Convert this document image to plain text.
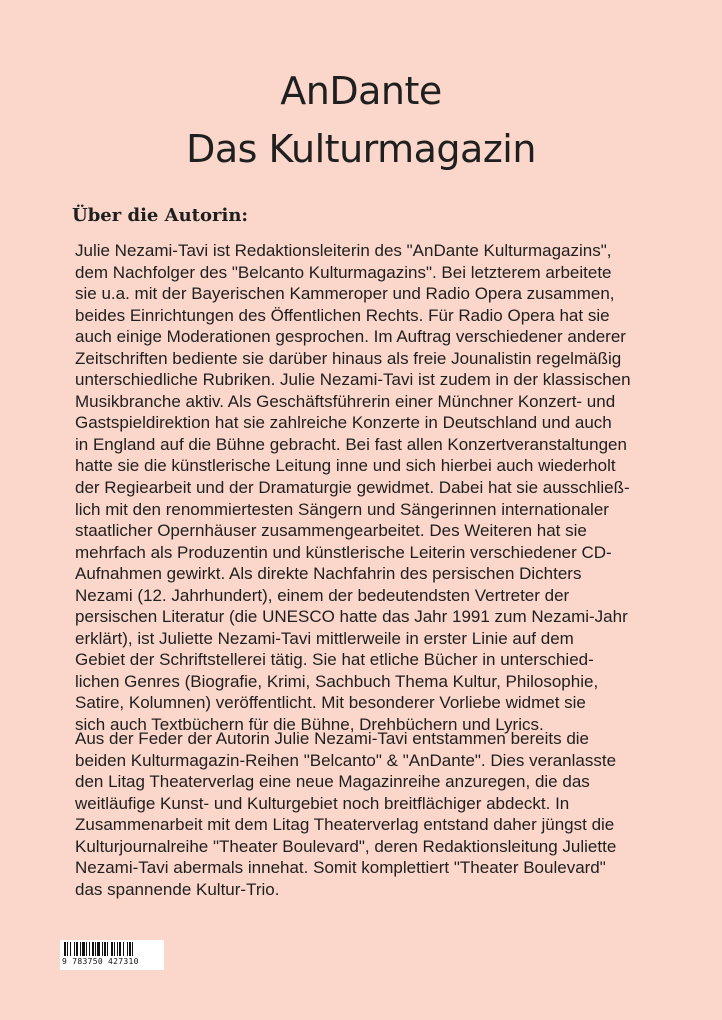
AnDante
Das Kulturmagazin
Über die Autorin:
Julie Nezami-Tavi ist Redaktionsleiterin des "AnDante Kulturmagazins",
dem Nachfolger des "Belcanto Kulturmagazins". Bei letzterem arbeitete
sie u.a. mit der Bayerischen Kammeroper und Radio Opera zusammen,
beides Einrichtungen des Öffentlichen Rechts. Für Radio Opera hat sie
auch einige Moderationen gesprochen. Im Auftrag verschiedener anderer
Zeitschriften bediente sie darüber hinaus als freie Jounalistin regelmäßig
unterschiedliche Rubriken. Julie Nezami-Tavi ist zudem in der klassischen
Musikbranche aktiv. Als Geschäftsführerin einer Münchner Konzert- und
Gastspieldirektion hat sie zahlreiche Konzerte in Deutschland und auch
in England auf die Bühne gebracht. Bei fast allen Konzertveranstaltungen
hatte sie die künstlerische Leitung inne und sich hierbei auch wiederholt
der Regiearbeit und der Dramaturgie gewidmet. Dabei hat sie ausschließ-
lich mit den renommiertesten Sängern und Sängerinnen internationaler
staatlicher Opernhäuser zusammengearbeitet. Des Weiteren hat sie
mehrfach als Produzentin und künstlerische Leiterin verschiedener CD-
Aufnahmen gewirkt. Als direkte Nachfahrin des persischen Dichters
Nezami (12. Jahrhundert), einem der bedeutendsten Vertreter der
persischen Literatur (die UNESCO hatte das Jahr 1991 zum Nezami-Jahr
erklärt), ist Juliette Nezami-Tavi mittlerweile in erster Linie auf dem
Gebiet der Schriftstellerei tätig. Sie hat etliche Bücher in unterschied-
lichen Genres (Biografie, Krimi, Sachbuch Thema Kultur, Philosophie,
Satire, Kolumnen) veröffentlicht. Mit besonderer Vorliebe widmet sie
sich auch Textbüchern für die Bühne, Drehbüchern und Lyrics.
Aus der Feder der Autorin Julie Nezami-Tavi entstammen bereits die
beiden Kulturmagazin-Reihen "Belcanto" & "AnDante". Dies veranlasste
den Litag Theaterverlag eine neue Magazinreihe anzuregen, die das
weitläufige Kunst- und Kulturgebiet noch breitflächiger abdeckt. In
Zusammenarbeit mit dem Litag Theaterverlag entstand daher jüngst die
Kulturjournalreihe "Theater Boulevard", deren Redaktionsleitung Juliette
Nezami-Tavi abermals innehat. Somit komplettiert "Theater Boulevard"
das spannende Kultur-Trio.
9 783750 427310
